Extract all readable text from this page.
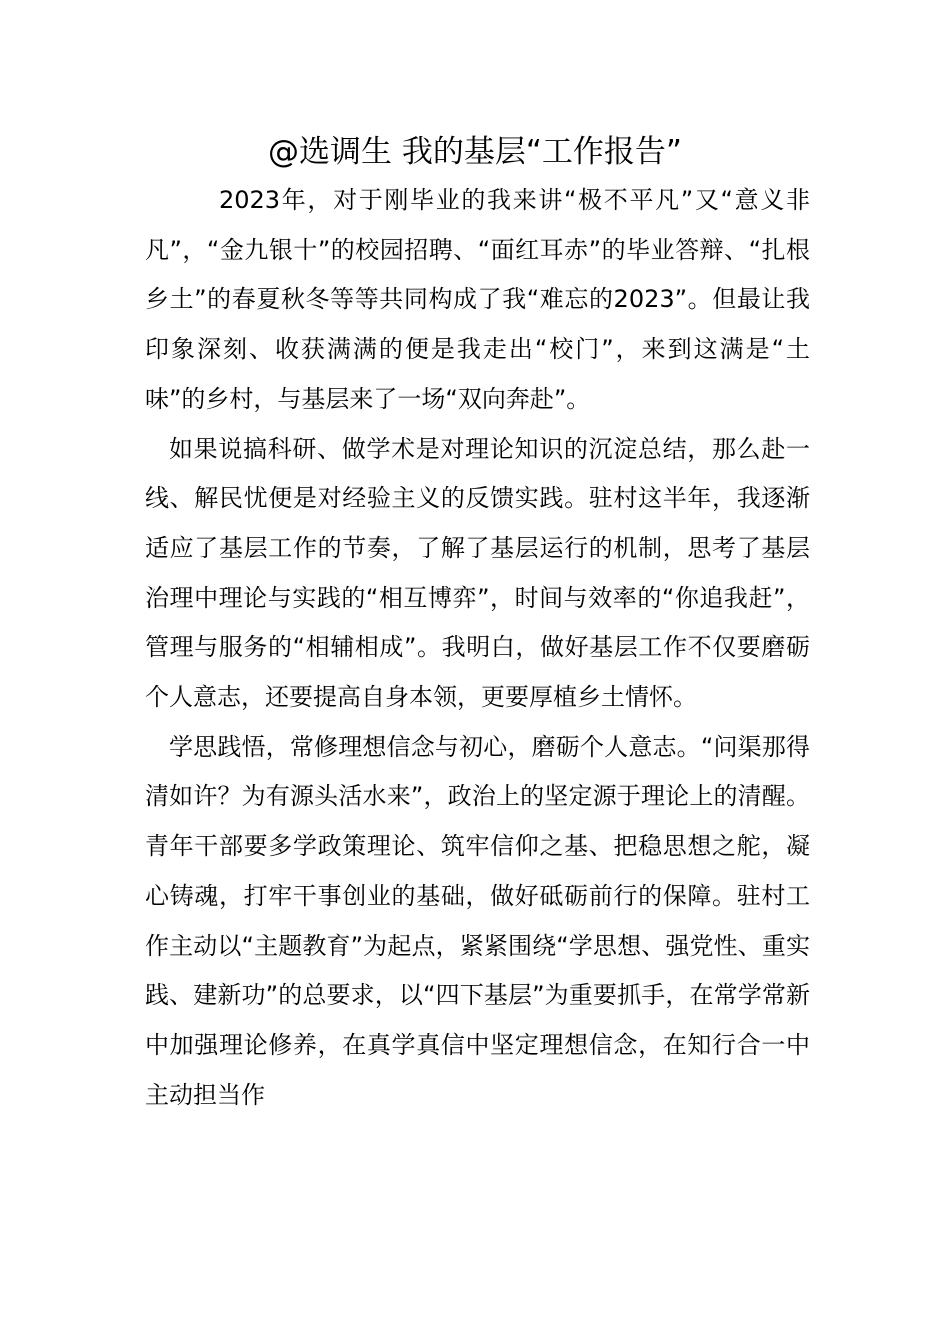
@选调生 我的基层“工作报告”

2023年，对于刚毕业的我来讲“极不平凡”又“意义非凡”，“金九银十”的校园招聘、“面红耳赤”的毕业答辩、“扎根乡土”的春夏秋冬等等共同构成了我“难忘的2023”。但最让我印象深刻、收获满满的便是我走出“校门”，来到这满是“土味”的乡村，与基层来了一场“双向奔赴”。

如果说搞科研、做学术是对理论知识的沉淀总结，那么赴一线、解民忧便是对经验主义的反馈实践。驻村这半年，我逐渐适应了基层工作的节奏，了解了基层运行的机制，思考了基层治理中理论与实践的“相互博弈”，时间与效率的“你追我赶”，管理与服务的“相辅相成”。我明白，做好基层工作不仅要磨砺个人意志，还要提高自身本领，更要厚植乡土情怀。

学思践悟，常修理想信念与初心，磨砺个人意志。“问渠那得清如许？为有源头活水来”，政治上的坚定源于理论上的清醒。青年干部要多学政策理论、筑牢信仰之基、把稳思想之舵，凝心铸魂，打牢干事创业的基础，做好砥砺前行的保障。驻村工作主动以“主题教育”为起点，紧紧围绕“学思想、强党性、重实践、建新功”的总要求，以“四下基层”为重要抓手，在常学常新中加强理论修养，在真学真信中坚定理想信念，在知行合一中主动担当作
